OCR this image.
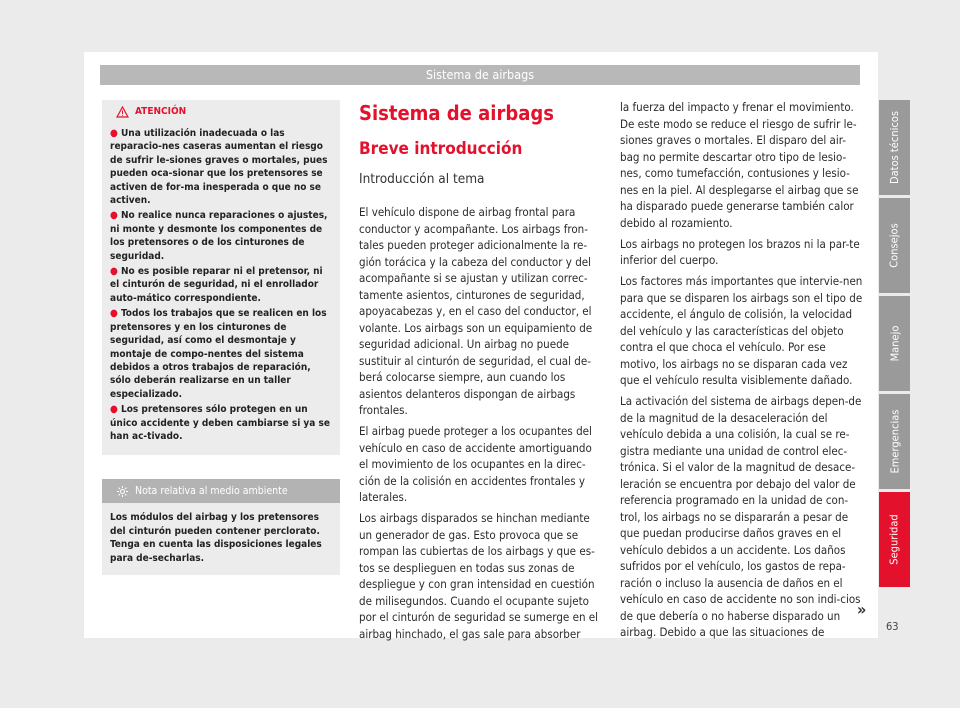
Sistema de airbags
ATENCIÓN

● Una utilización inadecuada o las reparacio-nes caseras aumentan el riesgo de sufrir le-siones graves o mortales, pues pueden oca-sionar que los pretensores se activen de for-ma inesperada o que no se activen.

● No realice nunca reparaciones o ajustes, ni monte y desmonte los componentes de los pretensores o de los cinturones de seguridad.

● No es posible reparar ni el pretensor, ni el cinturón de seguridad, ni el enrollador auto-mático correspondiente.

● Todos los trabajos que se realicen en los pretensores y en los cinturones de seguridad, así como el desmontaje y montaje de compo-nentes del sistema debidos a otros trabajos de reparación, sólo deberán realizarse en un taller especializado.

● Los pretensores sólo protegen en un único accidente y deben cambiarse si ya se han ac-tivado.

Nota relativa al medio ambiente
Los módulos del airbag y los pretensores del cinturón pueden contener perclorato. Tenga en cuenta las disposiciones legales para de-secharlas.
Sistema de airbags
Breve introducción
Introducción al tema

El vehículo dispone de airbag frontal para conductor y acompañante. Los airbags fron-tales pueden proteger adicionalmente la re-gión torácica y la cabeza del conductor y del acompañante si se ajustan y utilizan correc-tamente asientos, cinturones de seguridad, apoyacabezas y, en el caso del conductor, el volante. Los airbags son un equipamiento de seguridad adicional. Un airbag no puede sustituir al cinturón de seguridad, el cual de-berá colocarse siempre, aun cuando los asientos delanteros dispongan de airbags frontales.

El airbag puede proteger a los ocupantes del vehículo en caso de accidente amortiguando el movimiento de los ocupantes en la direc-ción de la colisión en accidentes frontales y laterales.

Los airbags disparados se hinchan mediante un generador de gas. Esto provoca que se rompan las cubiertas de los airbags y que es-tos se desplieguen en todas sus zonas de despliegue y con gran intensidad en cuestión de milisegundos. Cuando el ocupante sujeto por el cinturón de seguridad se sumerge en el airbag hinchado, el gas sale para absorber

la fuerza del impacto y frenar el movimiento. De este modo se reduce el riesgo de sufrir le-siones graves o mortales. El disparo del air-bag no permite descartar otro tipo de lesio-nes, como tumefacción, contusiones y lesio-nes en la piel. Al desplegarse el airbag que se ha disparado puede generarse también calor debido al rozamiento.

Los airbags no protegen los brazos ni la par-te inferior del cuerpo.

Los factores más importantes que intervie-nen para que se disparen los airbags son el tipo de accidente, el ángulo de colisión, la velocidad del vehículo y las características del objeto contra el que choca el vehículo. Por ese motivo, los airbags no se disparan cada vez que el vehículo resulta visiblemente dañado.

La activación del sistema de airbags depen-de de la magnitud de la desaceleración del vehículo debida a una colisión, la cual se re-gistra mediante una unidad de control elec-trónica. Si el valor de la magnitud de desace-leración se encuentra por debajo del valor de referencia programado en la unidad de con-trol, los airbags no se dispararán a pesar de que puedan producirse daños graves en el vehículo debidos a un accidente. Los daños sufridos por el vehículo, los gastos de repa-ración o incluso la ausencia de daños en el vehículo en caso de accidente no son indi-cios de que debería o no haberse disparado un airbag. Debido a que las situaciones de

Datos técnicos
Consejos
Manejo
Emergencias
Seguridad
»
63
